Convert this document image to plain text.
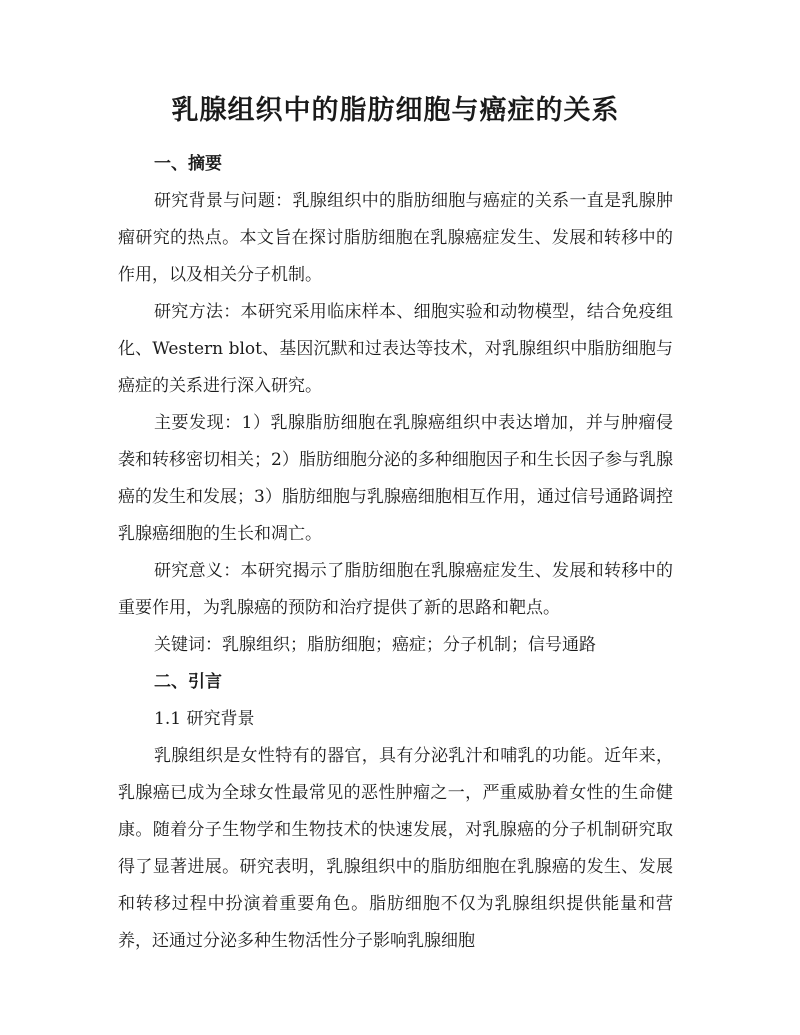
乳腺组织中的脂肪细胞与癌症的关系
一、摘要

研究背景与问题：乳腺组织中的脂肪细胞与癌症的关系一直是乳腺肿瘤研究的热点。本文旨在探讨脂肪细胞在乳腺癌症发生、发展和转移中的作用，以及相关分子机制。

研究方法：本研究采用临床样本、细胞实验和动物模型，结合免疫组化、Western blot、基因沉默和过表达等技术，对乳腺组织中脂肪细胞与癌症的关系进行深入研究。

主要发现：1）乳腺脂肪细胞在乳腺癌组织中表达增加，并与肿瘤侵袭和转移密切相关；2）脂肪细胞分泌的多种细胞因子和生长因子参与乳腺癌的发生和发展；3）脂肪细胞与乳腺癌细胞相互作用，通过信号通路调控乳腺癌细胞的生长和凋亡。

研究意义：本研究揭示了脂肪细胞在乳腺癌症发生、发展和转移中的重要作用，为乳腺癌的预防和治疗提供了新的思路和靶点。

关键词：乳腺组织；脂肪细胞；癌症；分子机制；信号通路

二、引言

1.1 研究背景

乳腺组织是女性特有的器官，具有分泌乳汁和哺乳的功能。近年来，乳腺癌已成为全球女性最常见的恶性肿瘤之一，严重威胁着女性的生命健康。随着分子生物学和生物技术的快速发展，对乳腺癌的分子机制研究取得了显著进展。研究表明，乳腺组织中的脂肪细胞在乳腺癌的发生、发展和转移过程中扮演着重要角色。脂肪细胞不仅为乳腺组织提供能量和营养，还通过分泌多种生物活性分子影响乳腺细胞
